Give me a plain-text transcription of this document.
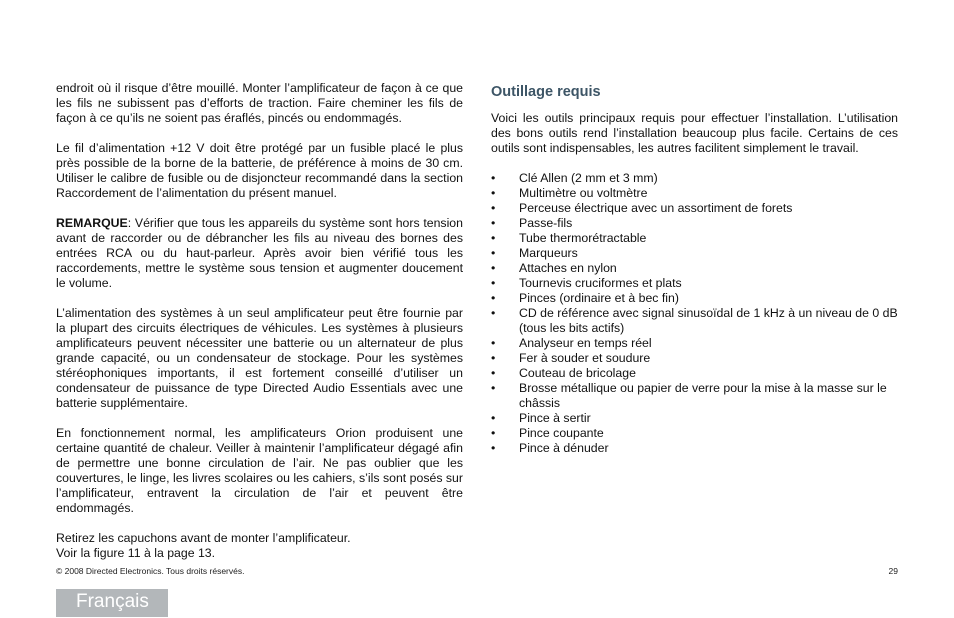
endroit où il risque d’être mouillé. Monter l’amplificateur de façon à ce que les fils ne subissent pas d’efforts de traction. Faire cheminer les fils de façon à ce qu’ils ne soient pas éraflés, pincés ou endommagés.

Le fil d’alimentation +12 V doit être protégé par un fusible placé le plus près possible de la borne de la batterie, de préférence à moins de 30 cm. Utiliser le calibre de fusible ou de disjoncteur recommandé dans la section Raccordement de l’alimentation du présent manuel.

REMARQUE: Vérifier que tous les appareils du système sont hors tension avant de raccorder ou de débrancher les fils au niveau des bornes des entrées RCA ou du haut-parleur. Après avoir bien vérifié tous les raccordements, mettre le système sous tension et augmenter doucement le volume.

L’alimentation des systèmes à un seul amplificateur peut être fournie par la plupart des circuits électriques de véhicules. Les systèmes à plusieurs amplificateurs peuvent nécessiter une batterie ou un alternateur de plus grande capacité, ou un condensateur de stockage. Pour les systèmes stéréophoniques importants, il est fortement conseillé d’utiliser un condensateur de puissance de type Directed Audio Essentials avec une batterie supplémentaire.

En fonctionnement normal, les amplificateurs Orion produisent une certaine quantité de chaleur. Veiller à maintenir l’amplificateur dégagé afin de permettre une bonne circulation de l’air. Ne pas oublier que les couvertures, le linge, les livres scolaires ou les cahiers, s’ils sont posés sur l’amplificateur, entravent la circulation de l’air et peuvent être endommagés.

Retirez les capuchons avant de monter l’amplificateur.

Voir la figure 11 à la page 13.

Outillage requis

Voici les outils principaux requis pour effectuer l’installation. L’utilisation des bons outils rend l’installation beaucoup plus facile. Certains de ces outils sont indispensables, les autres facilitent simplement le travail.

• Clé Allen (2 mm et 3 mm)
• Multimètre ou voltmètre
• Perceuse électrique avec un assortiment de forets
• Passe-fils
• Tube thermorétractable
• Marqueurs
• Attaches en nylon
• Tournevis cruciformes et plats
• Pinces (ordinaire et à bec fin)
• CD de référence avec signal sinusoïdal de 1 kHz à un niveau de 0 dB (tous les bits actifs)
• Analyseur en temps réel
• Fer à souder et soudure
• Couteau de bricolage
• Brosse métallique ou papier de verre pour la mise à la masse sur le châssis
• Pince à sertir
• Pince coupante
• Pince à dénuder
© 2008 Directed Electronics. Tous droits réservés.	29
Français
